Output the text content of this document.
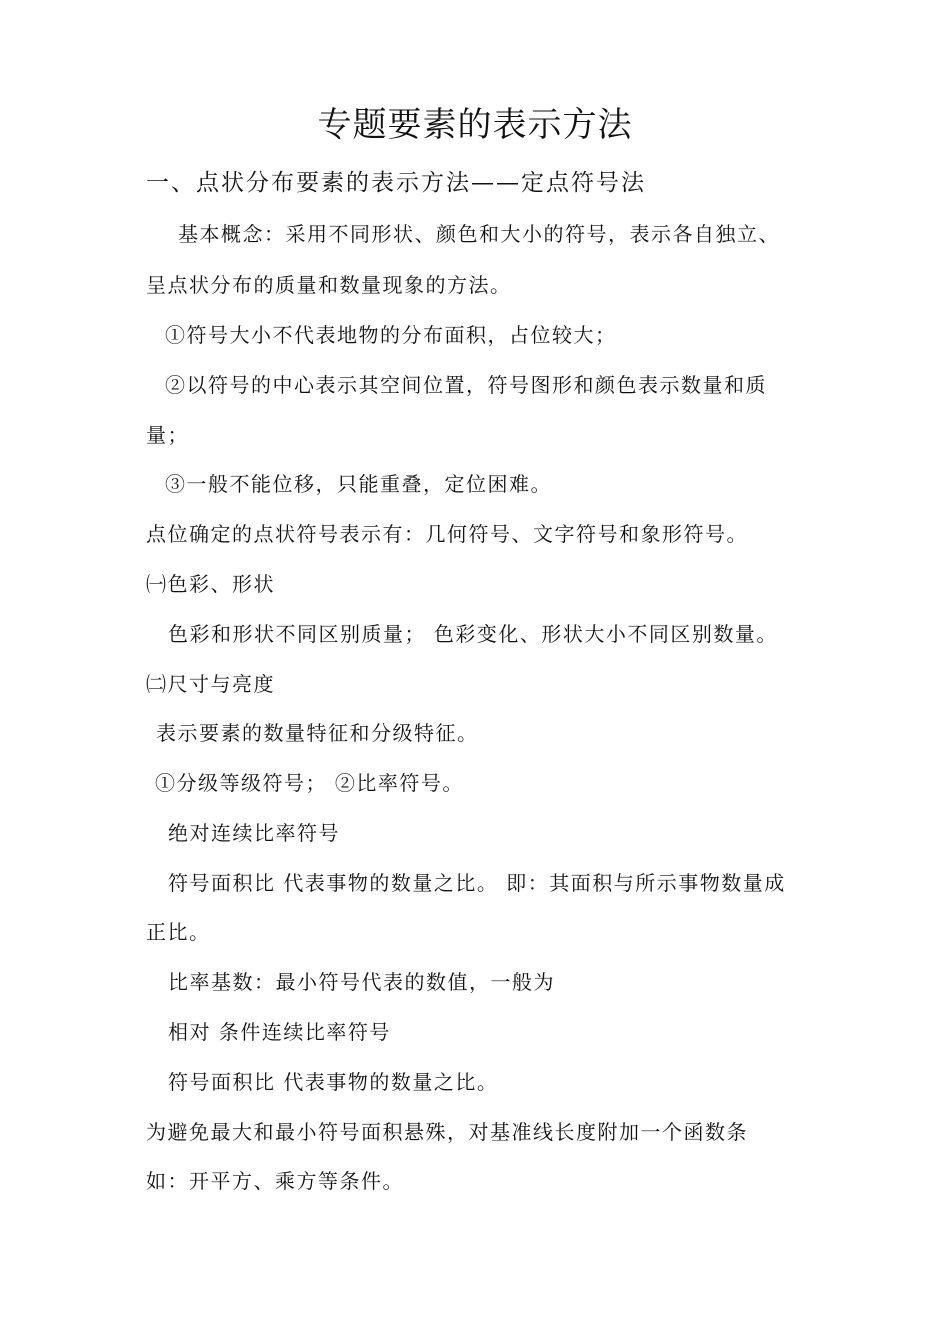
专题要素的表示方法
一、点状分布要素的表示方法——定点符号法

基本概念：采用不同形状、颜色和大小的符号，表示各自独立、

呈点状分布的质量和数量现象的方法。

①符号大小不代表地物的分布面积，占位较大；

②以符号的中心表示其空间位置，符号图形和颜色表示数量和质

量；

③一般不能位移，只能重叠，定位困难。

点位确定的点状符号表示有：几何符号、文字符号和象形符号。

㈠色彩、形状

色彩和形状不同区别质量； 色彩变化、形状大小不同区别数量。

㈡尺寸与亮度

表示要素的数量特征和分级特征。

①分级等级符号； ②比率符号。

绝对连续比率符号

符号面积比 代表事物的数量之比。 即：其面积与所示事物数量成

正比。

比率基数：最小符号代表的数值，一般为

相对 条件连续比率符号

符号面积比 代表事物的数量之比。

为避免最大和最小符号面积悬殊，对基准线长度附加一个函数条

如：开平方、乘方等条件。
